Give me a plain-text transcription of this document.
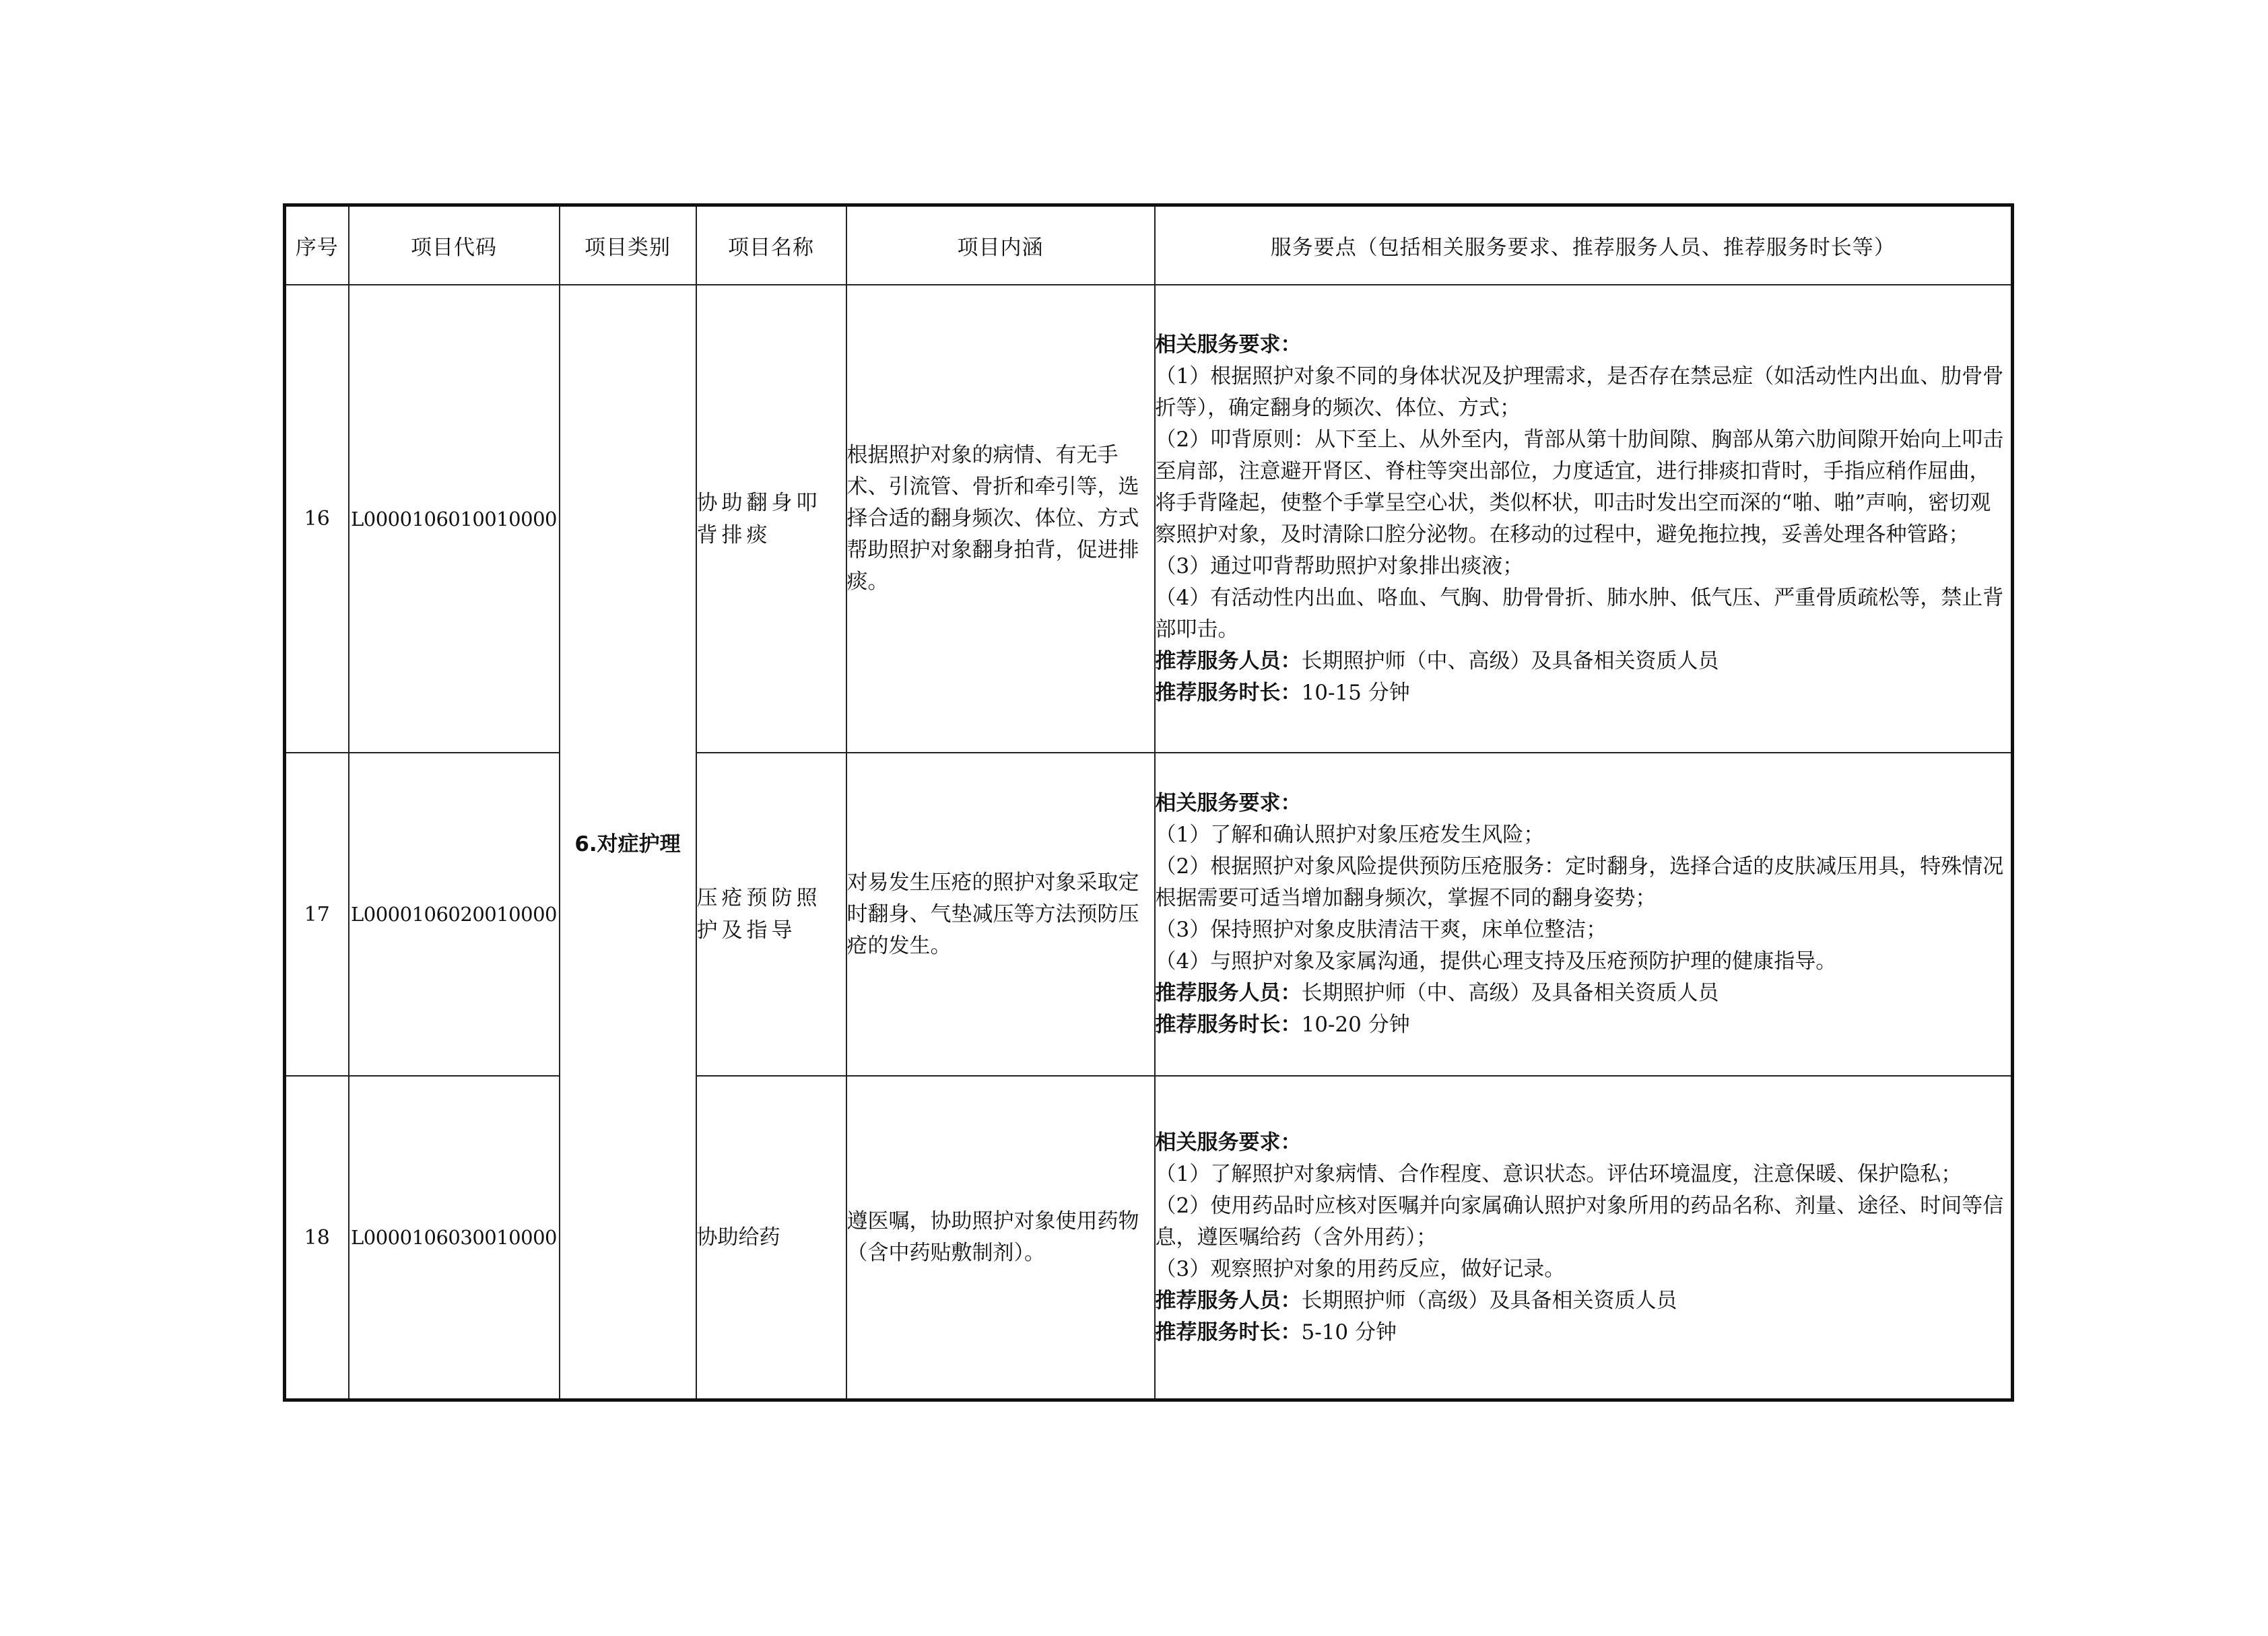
序号	项目代码	项目类别	项目名称	项目内涵	服务要点（包括相关服务要求、推荐服务人员、推荐服务时长等）
16	L0000106010010000	6.对症护理	协助翻身叩背排痰	根据照护对象的病情、有无手术、引流管、骨折和牵引等，选择合适的翻身频次、体位、方式帮助照护对象翻身拍背，促进排痰。	
相关服务要求：
（1）根据照护对象不同的身体状况及护理需求，是否存在禁忌症（如活动性内出血、肋骨骨折等），确定翻身的频次、体位、方式；
（2）叩背原则：从下至上、从外至内，背部从第十肋间隙、胸部从第六肋间隙开始向上叩击至肩部，注意避开肾区、脊柱等突出部位，力度适宜，进行排痰扣背时，手指应稍作屈曲，将手背隆起，使整个手掌呈空心状，类似杯状，叩击时发出空而深的“啪、啪”声响，密切观察照护对象，及时清除口腔分泌物。在移动的过程中，避免拖拉拽，妥善处理各种管路；
（3）通过叩背帮助照护对象排出痰液；
（4）有活动性内出血、咯血、气胸、肋骨骨折、肺水肿、低气压、严重骨质疏松等，禁止背部叩击。
推荐服务人员：长期照护师（中、高级）及具备相关资质人员
推荐服务时长：10-15 分钟

17	L0000106020010000	压疮预防照护及指导	对易发生压疮的照护对象采取定时翻身、气垫减压等方法预防压疮的发生。	
相关服务要求：
（1）了解和确认照护对象压疮发生风险；
（2）根据照护对象风险提供预防压疮服务：定时翻身，选择合适的皮肤减压用具，特殊情况根据需要可适当增加翻身频次，掌握不同的翻身姿势；
（3）保持照护对象皮肤清洁干爽，床单位整洁；
（4）与照护对象及家属沟通，提供心理支持及压疮预防护理的健康指导。
推荐服务人员：长期照护师（中、高级）及具备相关资质人员
推荐服务时长：10-20 分钟

18	L0000106030010000	协助给药	遵医嘱，协助照护对象使用药物（含中药贴敷制剂）。	
相关服务要求：
（1）了解照护对象病情、合作程度、意识状态。评估环境温度，注意保暖、保护隐私；
（2）使用药品时应核对医嘱并向家属确认照护对象所用的药品名称、剂量、途径、时间等信息，遵医嘱给药（含外用药）；
（3）观察照护对象的用药反应，做好记录。
推荐服务人员：长期照护师（高级）及具备相关资质人员
推荐服务时长：5-10 分钟
